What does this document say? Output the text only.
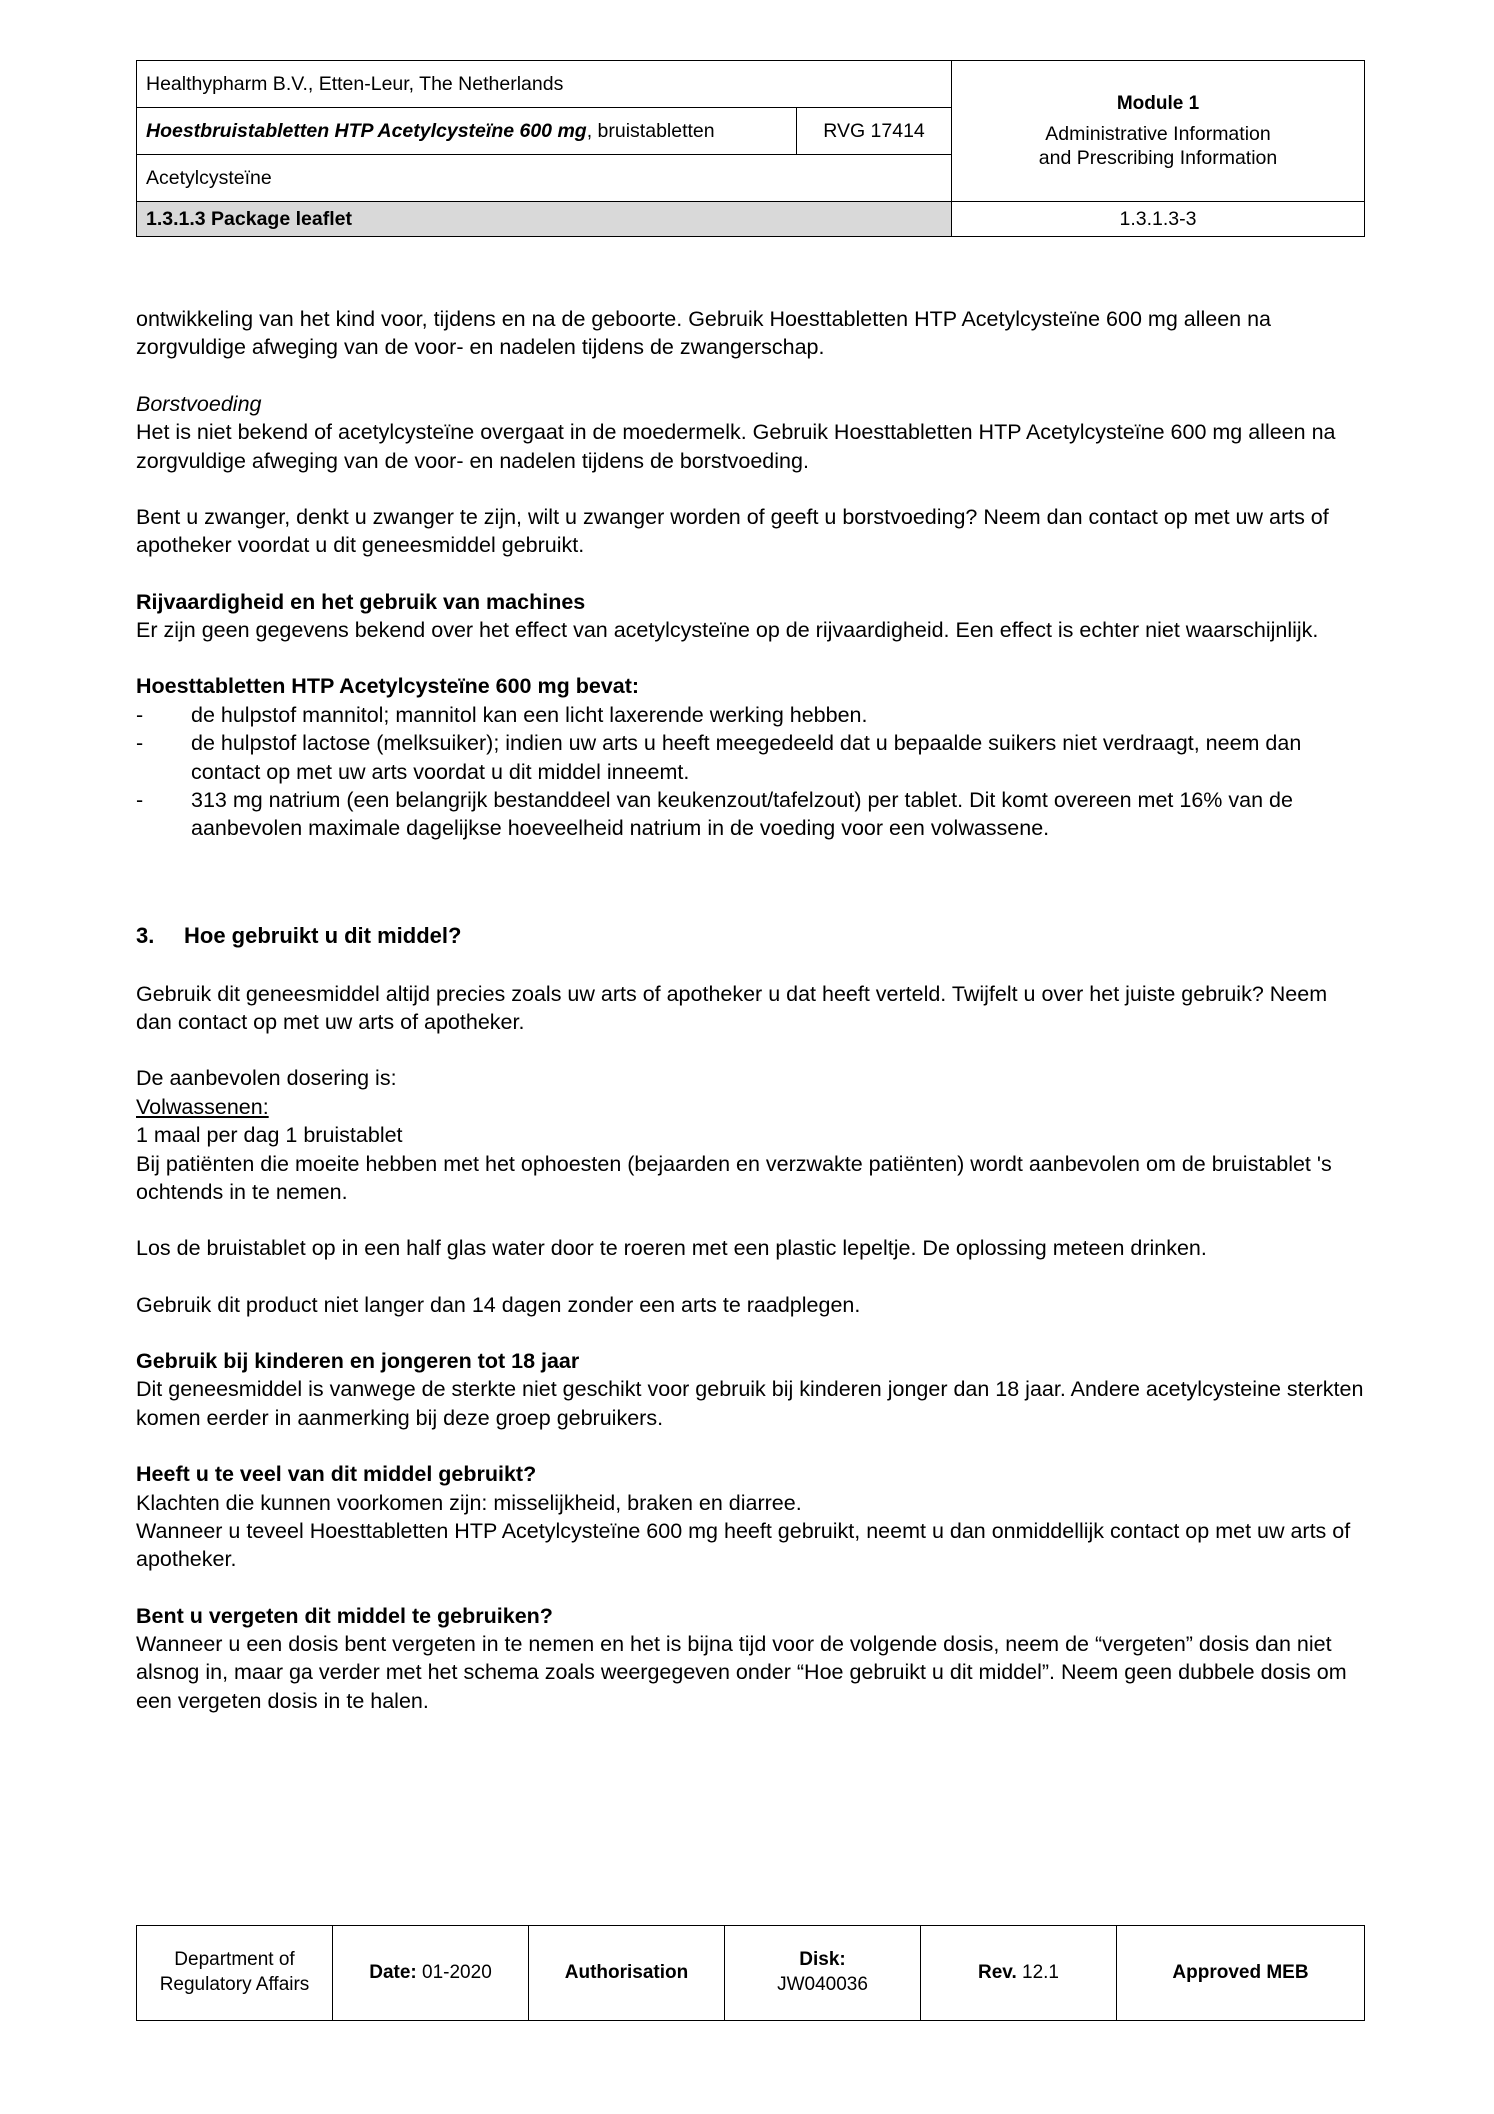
Healthypharm B.V., Etten-Leur, The Netherlands		Module 1
Administrative Information
and Prescribing Information

Hoestbruistabletten HTP Acetylcysteïne 600 mg, bruistabletten	RVG 17414	
Acetylcysteïne		
1.3.1.3 Package leaflet		1.3.1.3-3

ontwikkeling van het kind voor, tijdens en na de geboorte. Gebruik Hoesttabletten HTP Acetylcysteïne 600 mg alleen na zorgvuldige afweging van de voor- en nadelen tijdens de zwangerschap.

Borstvoeding

Het is niet bekend of acetylcysteïne overgaat in de moedermelk. Gebruik Hoesttabletten HTP Acetylcysteïne 600 mg alleen na zorgvuldige afweging van de voor- en nadelen tijdens de borstvoeding.

Bent u zwanger, denkt u zwanger te zijn, wilt u zwanger worden of geeft u borstvoeding? Neem dan contact op met uw arts of apotheker voordat u dit geneesmiddel gebruikt.

Rijvaardigheid en het gebruik van machines

Er zijn geen gegevens bekend over het effect van acetylcysteïne op de rijvaardigheid. Een effect is echter niet waarschijnlijk.

Hoesttabletten HTP Acetylcysteïne 600 mg bevat:

-	de hulpstof mannitol; mannitol kan een licht laxerende werking hebben.
-	de hulpstof lactose (melksuiker); indien uw arts u heeft meegedeeld dat u bepaalde suikers niet verdraagt, neem dan contact op met uw arts voordat u dit middel inneemt.
-	313 mg natrium (een belangrijk bestanddeel van keukenzout/tafelzout) per tablet. Dit komt overeen met 16% van de aanbevolen maximale dagelijkse hoeveelheid natrium in de voeding voor een volwassene.
3.	Hoe gebruikt u dit middel?

Gebruik dit geneesmiddel altijd precies zoals uw arts of apotheker u dat heeft verteld. Twijfelt u over het juiste gebruik? Neem dan contact op met uw arts of apotheker.

De aanbevolen dosering is:

Volwassenen:

1 maal per dag 1 bruistablet

Bij patiënten die moeite hebben met het ophoesten (bejaarden en verzwakte patiënten) wordt aanbevolen om de bruistablet 's ochtends in te nemen.

Los de bruistablet op in een half glas water door te roeren met een plastic lepeltje. De oplossing meteen drinken.

Gebruik dit product niet langer dan 14 dagen zonder een arts te raadplegen.

Gebruik bij kinderen en jongeren tot 18 jaar

Dit geneesmiddel is vanwege de sterkte niet geschikt voor gebruik bij kinderen jonger dan 18 jaar. Andere acetylcysteine sterkten komen eerder in aanmerking bij deze groep gebruikers.

Heeft u te veel van dit middel gebruikt?

Klachten die kunnen voorkomen zijn: misselijkheid, braken en diarree.

Wanneer u teveel Hoesttabletten HTP Acetylcysteïne 600 mg heeft gebruikt, neemt u dan onmiddellijk contact op met uw arts of apotheker.

Bent u vergeten dit middel te gebruiken?

Wanneer u een dosis bent vergeten in te nemen en het is bijna tijd voor de volgende dosis, neem de “vergeten” dosis dan niet alsnog in, maar ga verder met het schema zoals weergegeven onder “Hoe gebruikt u dit middel”. Neem geen dubbele dosis om een vergeten dosis in te halen.

Department of
Regulatory Affairs	Date: 01-2020	Authorisation	Disk:
JW040036	Rev. 12.1	Approved MEB
